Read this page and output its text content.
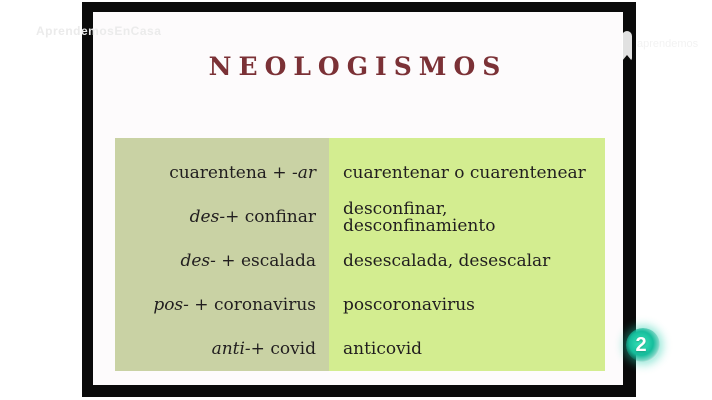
NEOLOGISMOS
cuarentena + -ar	cuarentenar o cuarentenear
des-+ confinar	desconfinar, desconfinamiento
des- + escalada	desescalada, desescalar
pos- + coronavirus	poscoronavirus
anti-+ covid	anticovid
AprendemosEnCasa
aprendemos
2
